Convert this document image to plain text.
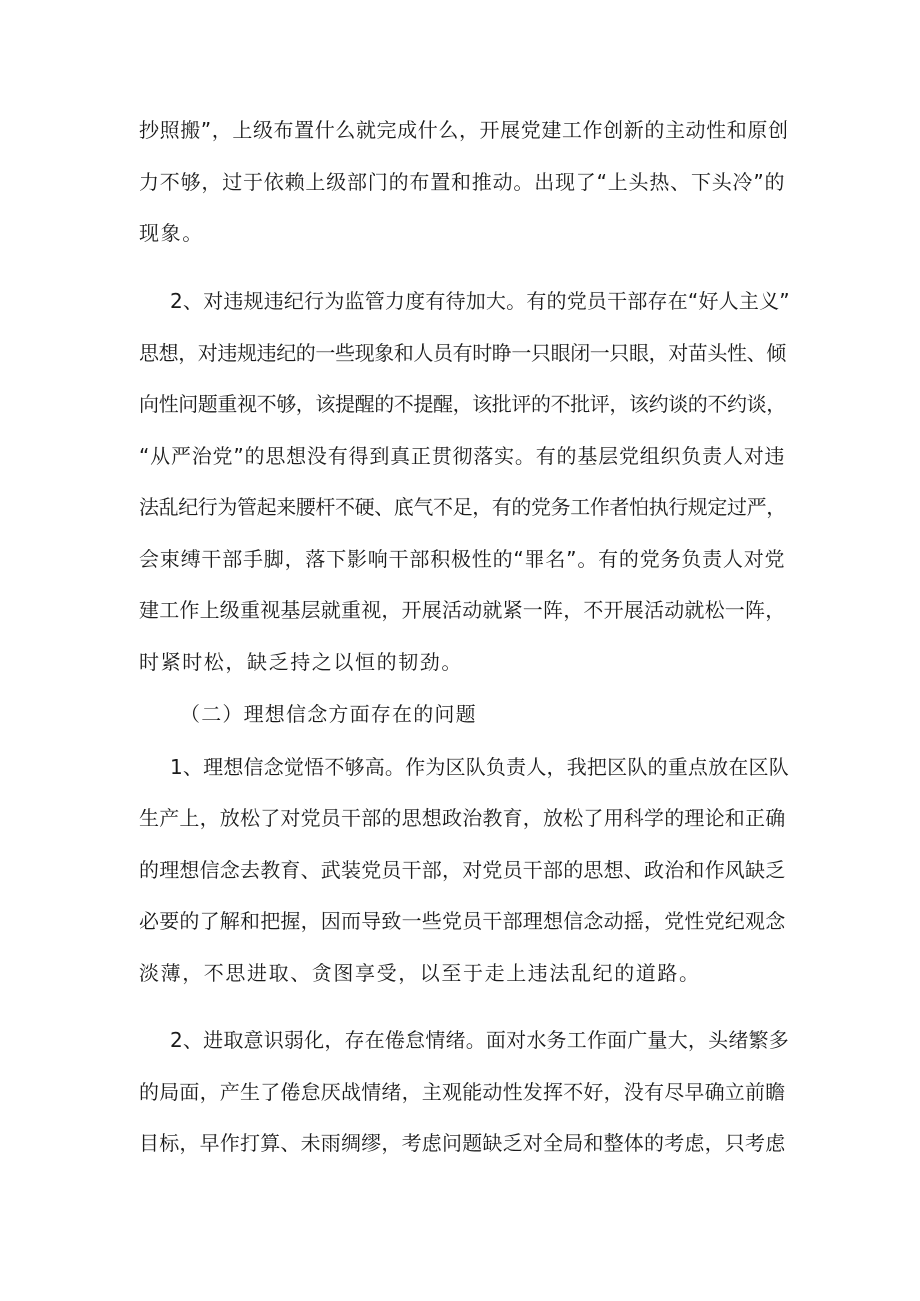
抄照搬”，上级布置什么就完成什么，开展党建工作创新的主动性和原创
力不够，过于依赖上级部门的布置和推动。出现了“上头热、下头冷”的
现象。
2、对违规违纪行为监管力度有待加大。有的党员干部存在“好人主义”
思想，对违规违纪的一些现象和人员有时睁一只眼闭一只眼，对苗头性、倾
向性问题重视不够，该提醒的不提醒，该批评的不批评，该约谈的不约谈，
“从严治党”的思想没有得到真正贯彻落实。有的基层党组织负责人对违
法乱纪行为管起来腰杆不硬、底气不足，有的党务工作者怕执行规定过严，
会束缚干部手脚，落下影响干部积极性的“罪名”。有的党务负责人对党
建工作上级重视基层就重视，开展活动就紧一阵，不开展活动就松一阵，
时紧时松，缺乏持之以恒的韧劲。
（二）理想信念方面存在的问题
1、理想信念觉悟不够高。作为区队负责人，我把区队的重点放在区队
生产上，放松了对党员干部的思想政治教育，放松了用科学的理论和正确
的理想信念去教育、武装党员干部，对党员干部的思想、政治和作风缺乏
必要的了解和把握，因而导致一些党员干部理想信念动摇，党性党纪观念
淡薄，不思进取、贪图享受，以至于走上违法乱纪的道路。
2、进取意识弱化，存在倦怠情绪。面对水务工作面广量大，头绪繁多
的局面，产生了倦怠厌战情绪，主观能动性发挥不好，没有尽早确立前瞻
目标，早作打算、未雨绸缪，考虑问题缺乏对全局和整体的考虑，只考虑
